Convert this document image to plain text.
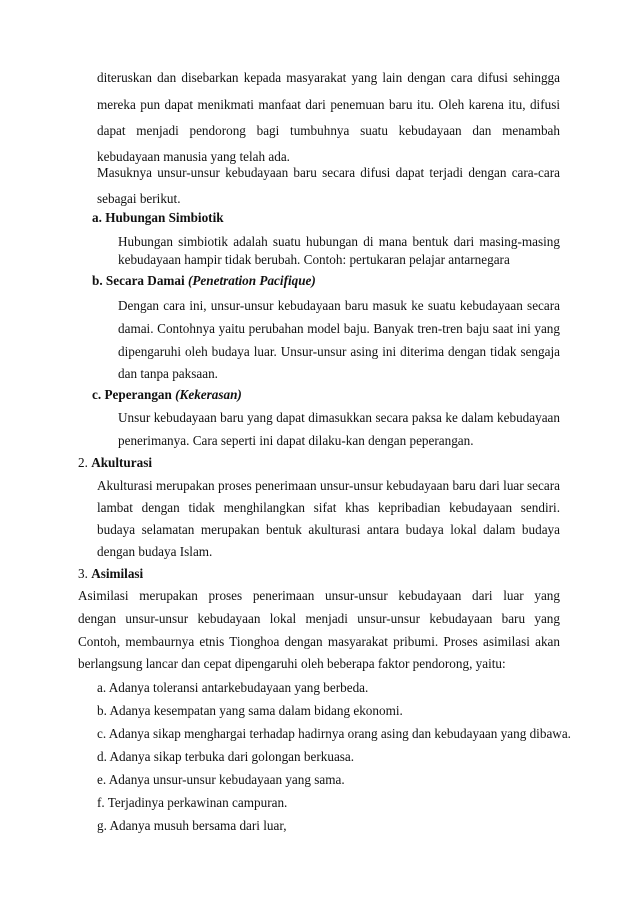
diteruskan dan disebarkan kepada masyarakat yang lain dengan cara difusi sehingga
mereka pun dapat menikmati manfaat dari penemuan baru itu. Oleh karena itu, difusi
dapat menjadi pendorong bagi tumbuhnya suatu kebudayaan dan menambah
kebudayaan manusia yang telah ada.
Masuknya unsur-unsur kebudayaan baru secara difusi dapat terjadi dengan cara-cara
sebagai berikut.
a. Hubungan Simbiotik
Hubungan simbiotik adalah suatu hubungan di mana bentuk dari masing-masing
kebudayaan hampir tidak berubah. Contoh: pertukaran pelajar antarnegara
b. Secara Damai (Penetration Pacifique)
Dengan cara ini, unsur-unsur kebudayaan baru masuk ke suatu kebudayaan secara
damai. Contohnya yaitu perubahan model baju. Banyak tren-tren baju saat ini yang
dipengaruhi oleh budaya luar. Unsur-unsur asing ini diterima dengan tidak sengaja
dan tanpa paksaan.
c. Peperangan (Kekerasan)
Unsur kebudayaan baru yang dapat dimasukkan secara paksa ke dalam kebudayaan
penerimanya. Cara seperti ini dapat dilaku-kan dengan peperangan.
2. Akulturasi
Akulturasi merupakan proses penerimaan unsur-unsur kebudayaan baru dari luar secara
lambat dengan tidak menghilangkan sifat khas kepribadian kebudayaan sendiri.
budaya selamatan merupakan bentuk akulturasi antara budaya lokal dalam budaya
dengan budaya Islam.
3. Asimilasi
Asimilasi merupakan proses penerimaan unsur-unsur kebudayaan dari luar yang
dengan unsur-unsur kebudayaan lokal menjadi unsur-unsur kebudayaan baru yang
Contoh, membaurnya etnis Tionghoa dengan masyarakat pribumi. Proses asimilasi akan
berlangsung lancar dan cepat dipengaruhi oleh beberapa faktor pendorong, yaitu:
a. Adanya toleransi antarkebudayaan yang berbeda.
b. Adanya kesempatan yang sama dalam bidang ekonomi.
c. Adanya sikap menghargai terhadap hadirnya orang asing dan kebudayaan yang dibawa.
d. Adanya sikap terbuka dari golongan berkuasa.
e. Adanya unsur-unsur kebudayaan yang sama.
f. Terjadinya perkawinan campuran.
g. Adanya musuh bersama dari luar,
